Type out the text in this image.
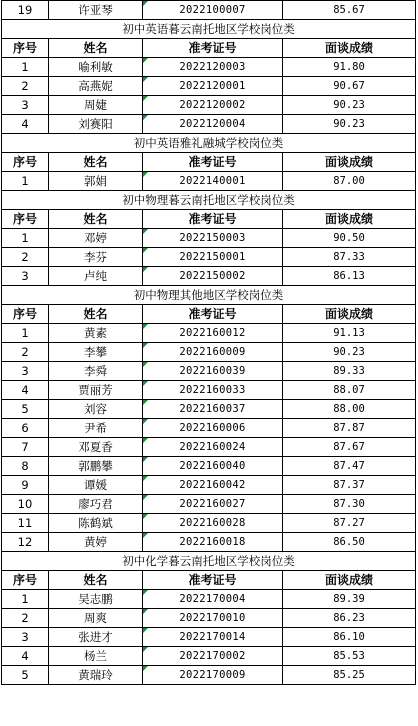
19	许亚琴	2022100007	85.67
初中英语暮云南托地区学校岗位类			
序号	姓名	准考证号	面谈成绩
1	喻利敏	2022120003	91.80
2	高燕妮	2022120001	90.67
3	周婕	2022120002	90.23
4	刘赛阳	2022120004	90.23
初中英语雅礼融城学校岗位类			
序号	姓名	准考证号	面谈成绩
1	郭娟	2022140001	87.00
初中物理暮云南托地区学校岗位类			
序号	姓名	准考证号	面谈成绩
1	邓婷	2022150003	90.50
2	李芬	2022150001	87.33
3	卢纯	2022150002	86.13
初中物理其他地区学校岗位类			
序号	姓名	准考证号	面谈成绩
1	黄素	2022160012	91.13
2	李攀	2022160009	90.23
3	李舜	2022160039	89.33
4	贾丽芳	2022160033	88.07
5	刘容	2022160037	88.00
6	尹希	2022160006	87.87
7	邓夏香	2022160024	87.67
8	郭鹏攀	2022160040	87.47
9	谭媛	2022160042	87.37
10	廖巧君	2022160027	87.30
11	陈鹤斌	2022160028	87.27
12	黄婷	2022160018	86.50
初中化学暮云南托地区学校岗位类			
序号	姓名	准考证号	面谈成绩
1	吴志鹏	2022170004	89.39
2	周爽	2022170010	86.23
3	张进才	2022170014	86.10
4	杨兰	2022170002	85.53
5	黄瑞玲	2022170009	85.25
